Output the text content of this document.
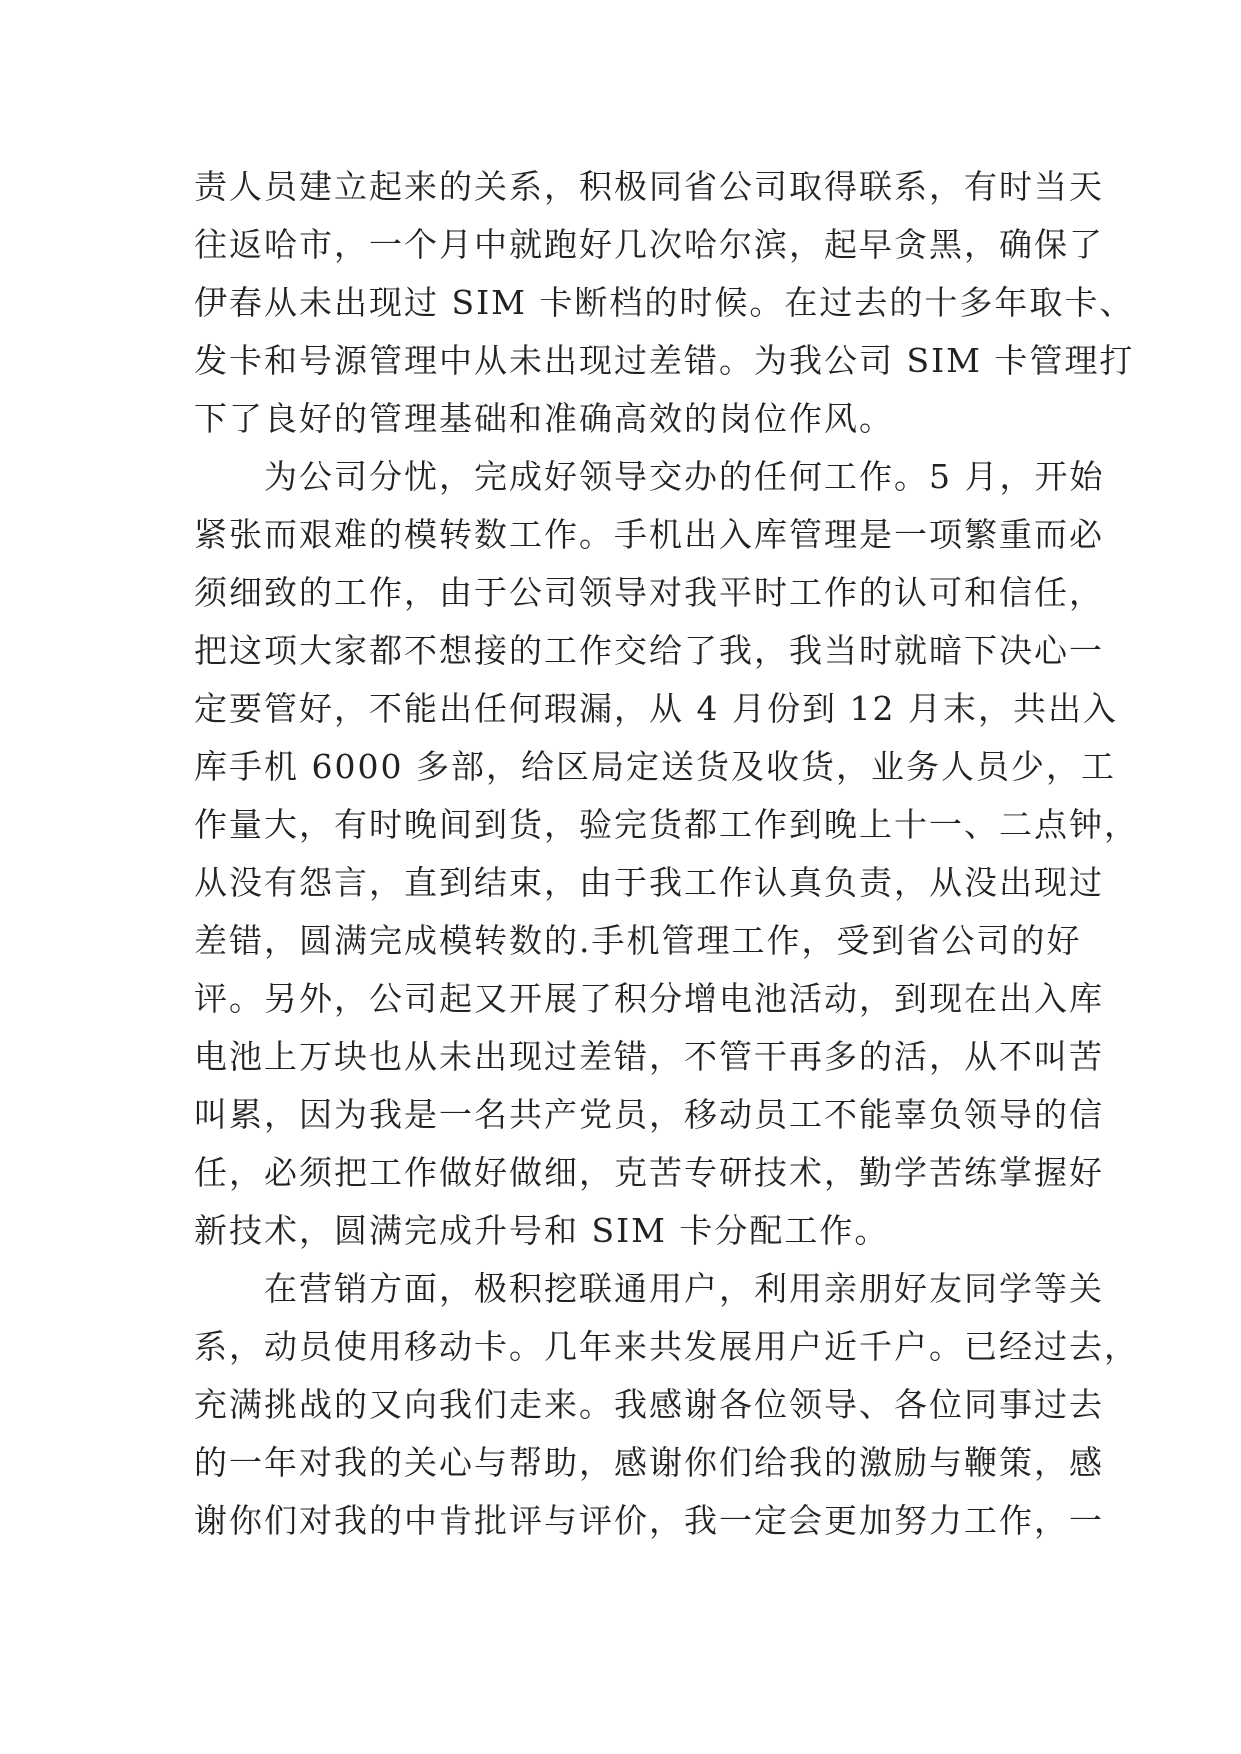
责人员建立起来的关系，积极同省公司取得联系，有时当天
往返哈市，一个月中就跑好几次哈尔滨，起早贪黑，确保了
伊春从未出现过 SIM 卡断档的时候。在过去的十多年取卡、
发卡和号源管理中从未出现过差错。为我公司 SIM 卡管理打
下了良好的管理基础和准确高效的岗位作风。
　　为公司分忧，完成好领导交办的任何工作。5 月，开始
紧张而艰难的模转数工作。手机出入库管理是一项繁重而必
须细致的工作，由于公司领导对我平时工作的认可和信任，
把这项大家都不想接的工作交给了我，我当时就暗下决心一
定要管好，不能出任何瑕漏，从 4 月份到 12 月末，共出入
库手机 6000 多部，给区局定送货及收货，业务人员少，工
作量大，有时晚间到货，验完货都工作到晚上十一、二点钟，
从没有怨言，直到结束，由于我工作认真负责，从没出现过
差错，圆满完成模转数的.手机管理工作，受到省公司的好
评。另外，公司起又开展了积分增电池活动，到现在出入库
电池上万块也从未出现过差错，不管干再多的活，从不叫苦
叫累，因为我是一名共产党员，移动员工不能辜负领导的信
任，必须把工作做好做细，克苦专研技术，勤学苦练掌握好
新技术，圆满完成升号和 SIM 卡分配工作。
　　在营销方面，极积挖联通用户，利用亲朋好友同学等关
系，动员使用移动卡。几年来共发展用户近千户。已经过去，
充满挑战的又向我们走来。我感谢各位领导、各位同事过去
的一年对我的关心与帮助，感谢你们给我的激励与鞭策，感
谢你们对我的中肯批评与评价，我一定会更加努力工作，一
